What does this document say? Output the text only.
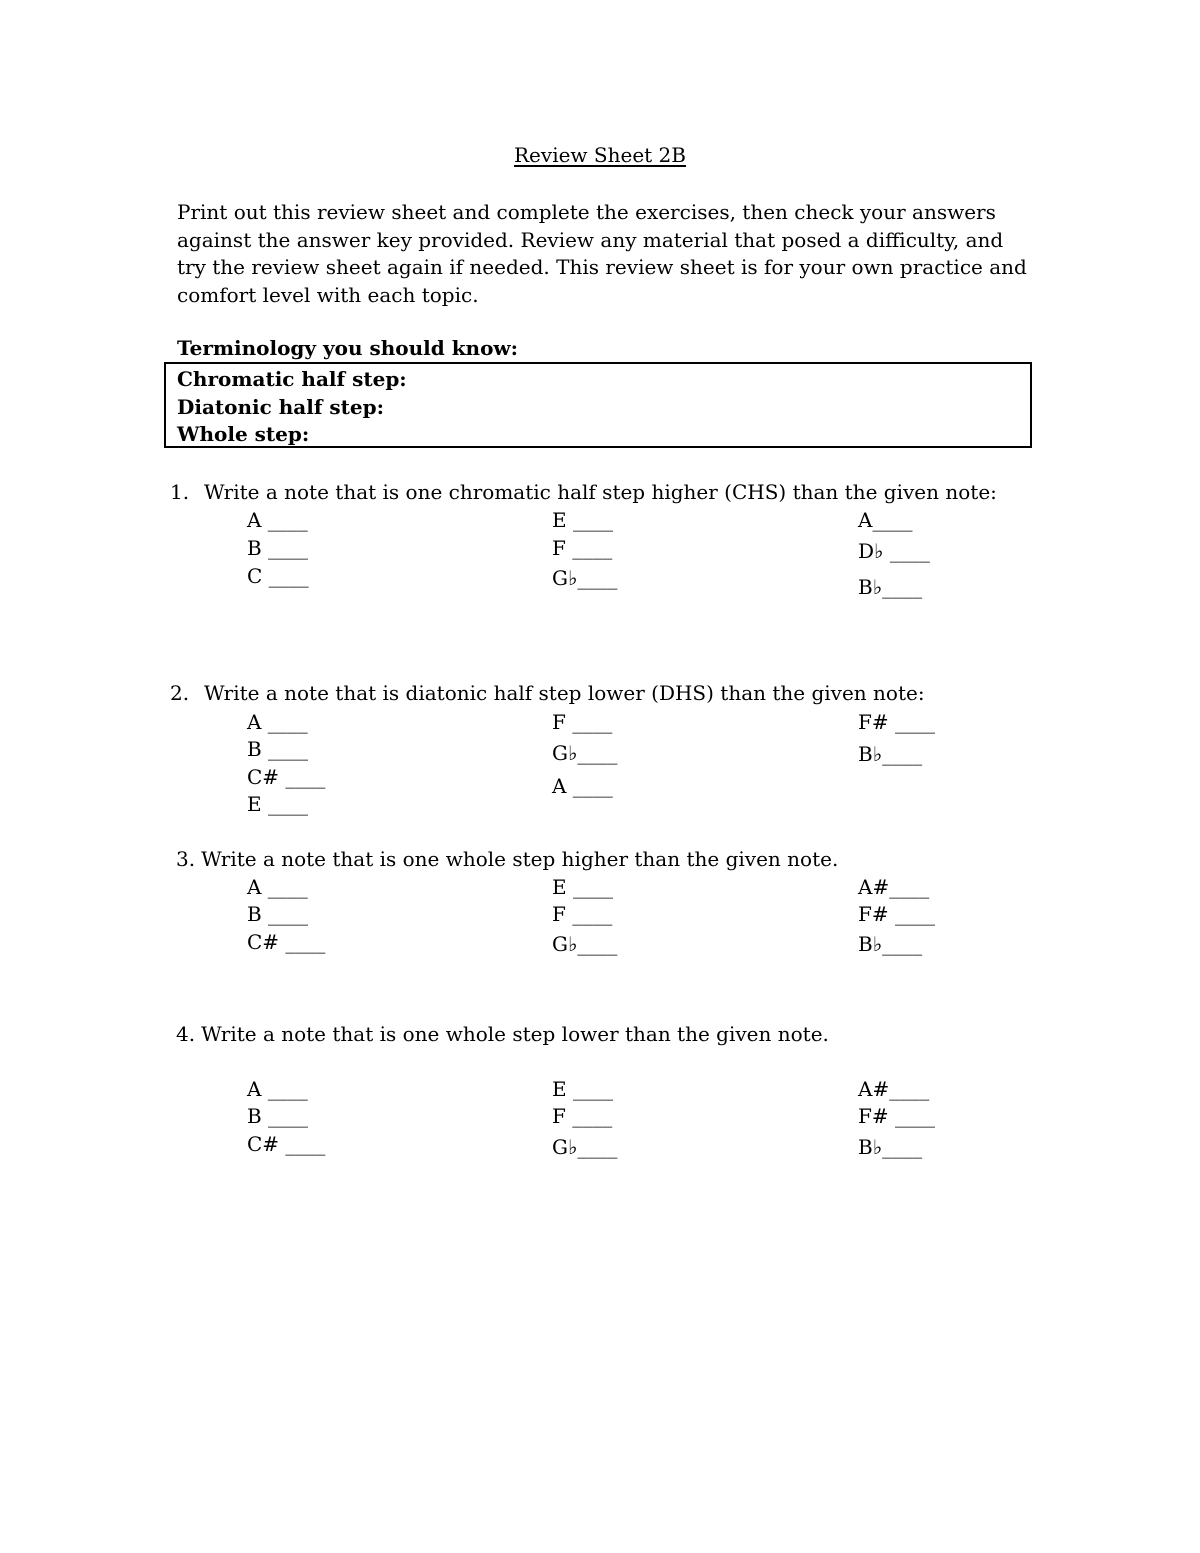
Review Sheet 2B
Print out this review sheet and complete the exercises, then check your answers
against the answer key provided. Review any material that posed a difficulty, and
try the review sheet again if needed. This review sheet is for your own practice and
comfort level with each topic.
Terminology you should know:
Chromatic half step:
Diatonic half step:
Whole step:
1. Write a note that is one chromatic half step higher (CHS) than the given note:
A ____
B ____
C ____
E ____
F ____
G♭____
A____
D♭ ____
B♭____
2. Write a note that is diatonic half step lower (DHS) than the given note:
A ____
B ____
C# ____
E ____
F ____
G♭____
A ____
F# ____
B♭____
3. Write a note that is one whole step higher than the given note.
A ____
B ____
C# ____
E ____
F ____
G♭____
A#____
F# ____
B♭____
4. Write a note that is one whole step lower than the given note.
A ____
B ____
C# ____
E ____
F ____
G♭____
A#____
F# ____
B♭____
